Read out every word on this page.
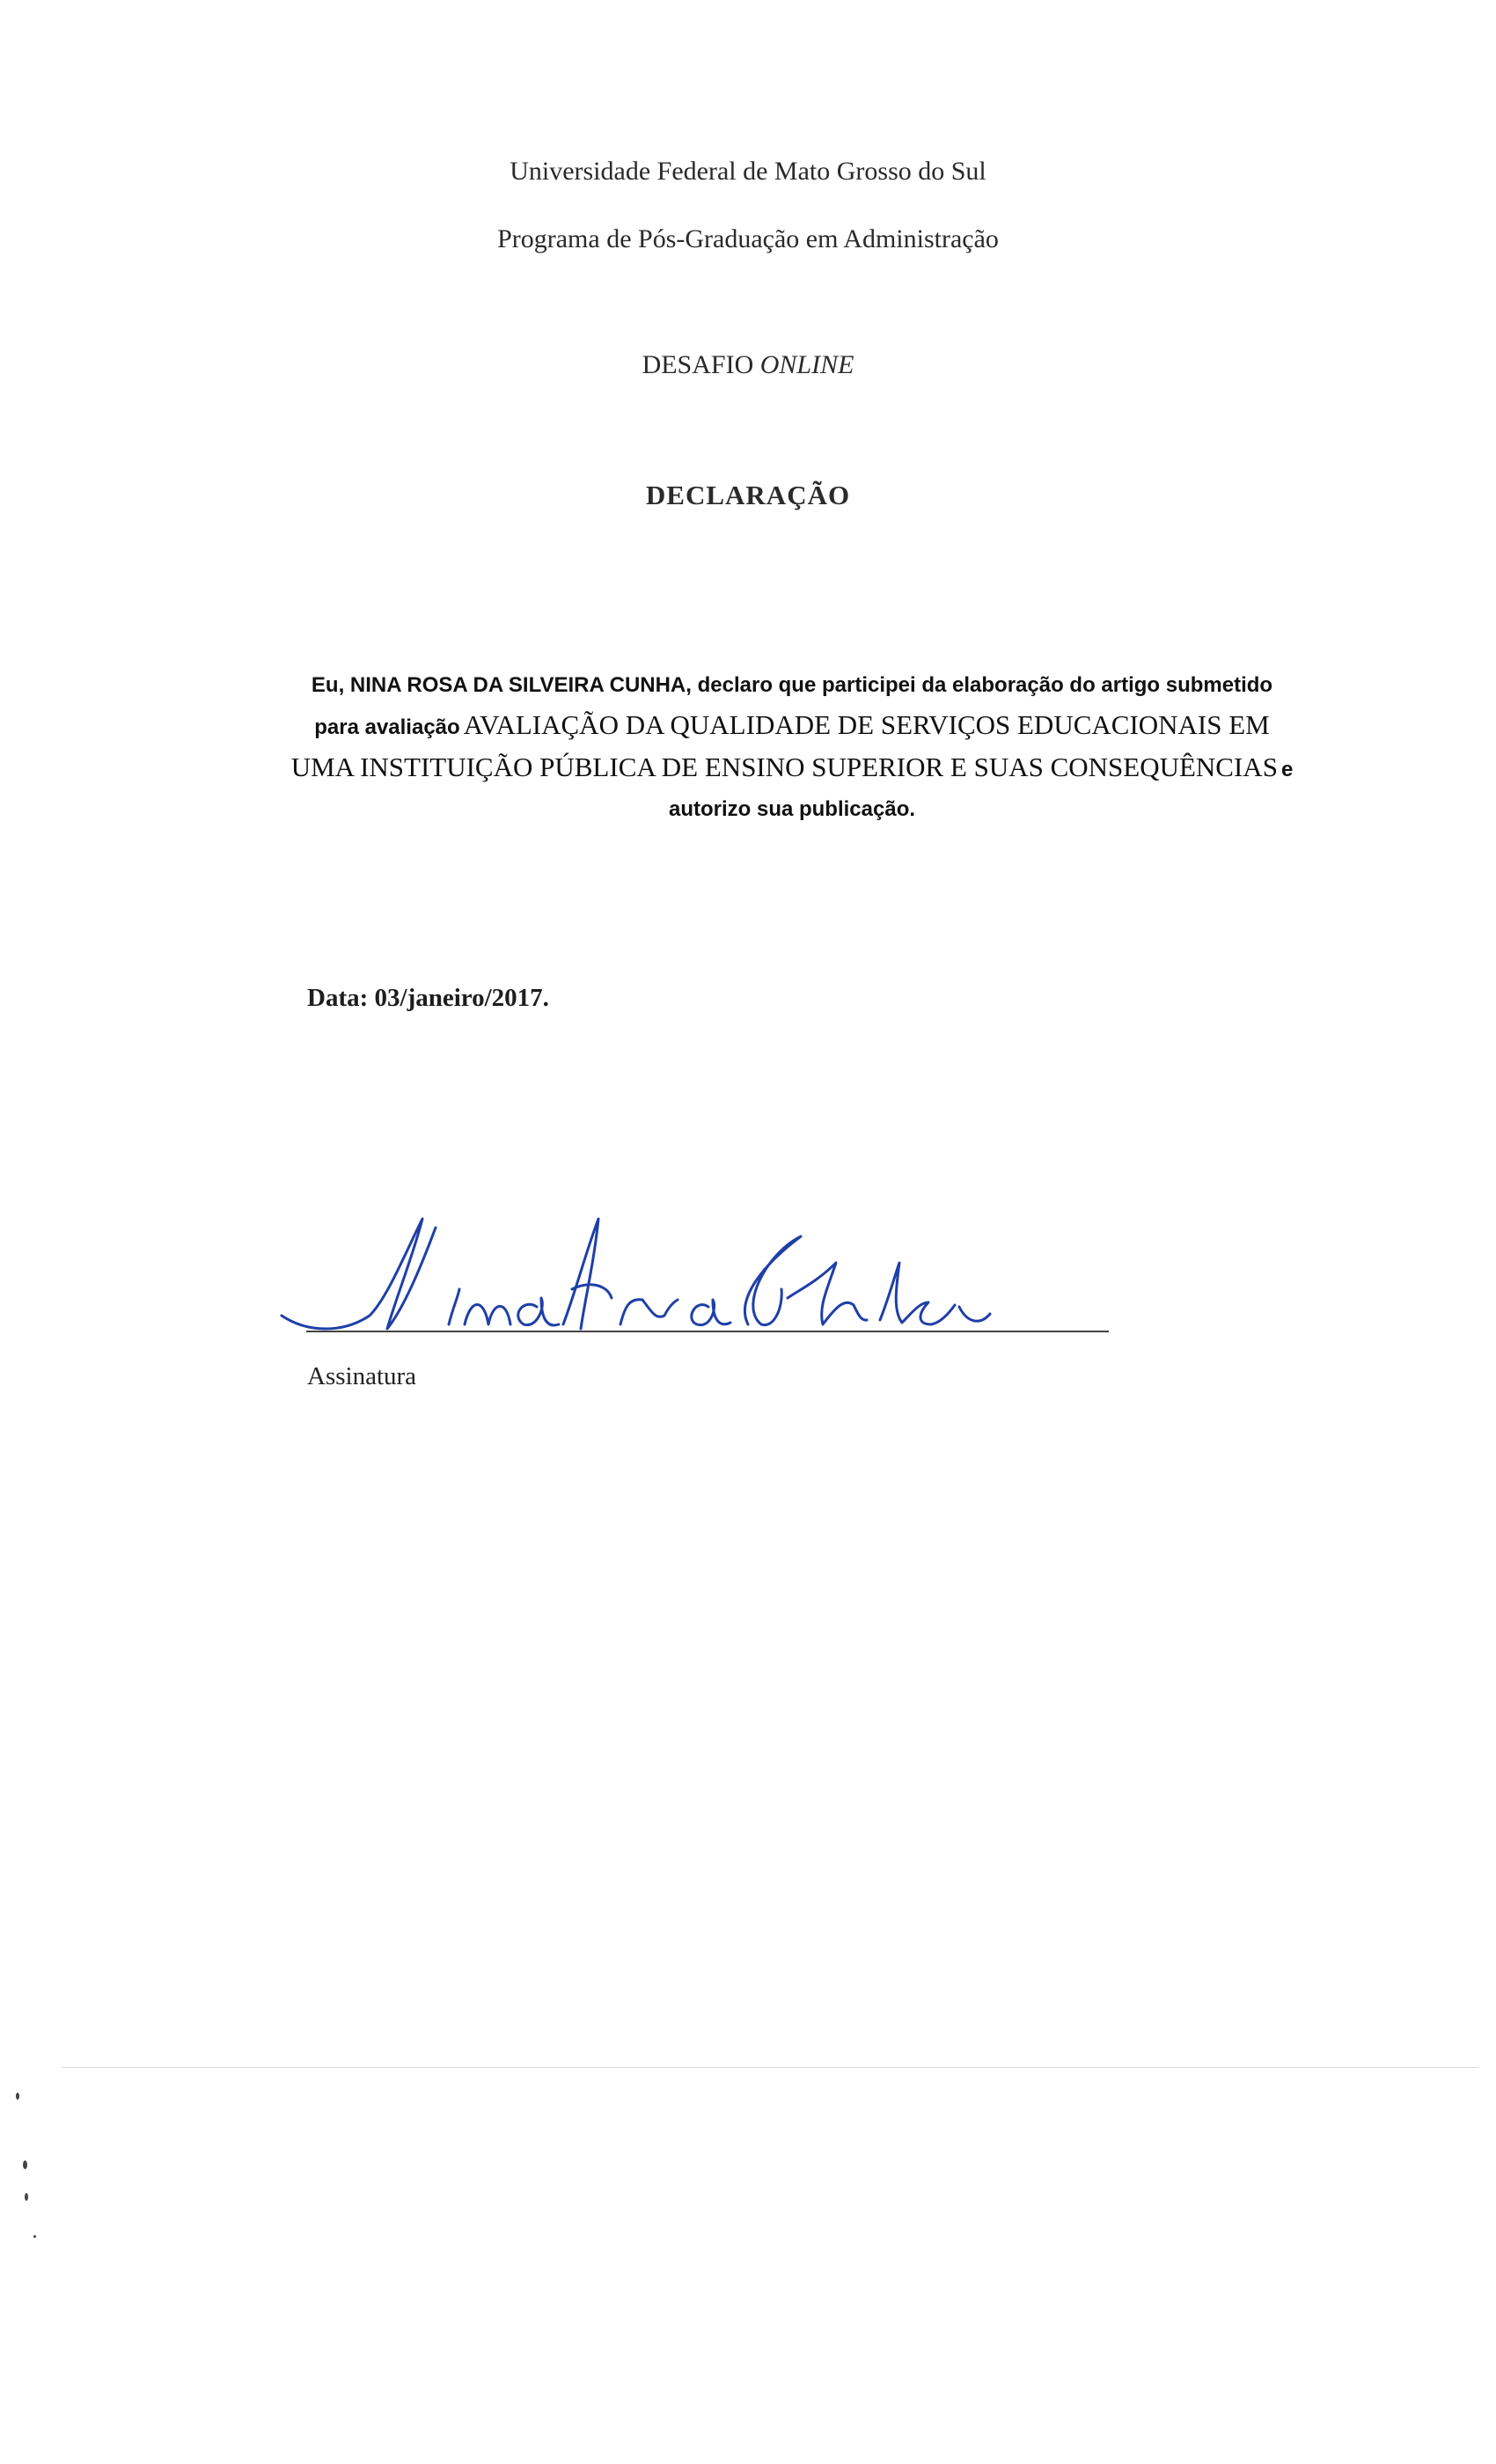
Universidade Federal de Mato Grosso do Sul
Programa de Pós-Graduação em Administração
DESAFIO ONLINE
DECLARAÇÃO
Eu, NINA ROSA DA SILVEIRA CUNHA, declaro que participei da elaboração do artigo submetido para avaliação AVALIAÇÃO DA QUALIDADE DE SERVIÇOS EDUCACIONAIS EM UMA INSTITUIÇÃO PÚBLICA DE ENSINO SUPERIOR E SUAS CONSEQUÊNCIAS e autorizo sua publicação.
Data: 03/janeiro/2017.
Assinatura
